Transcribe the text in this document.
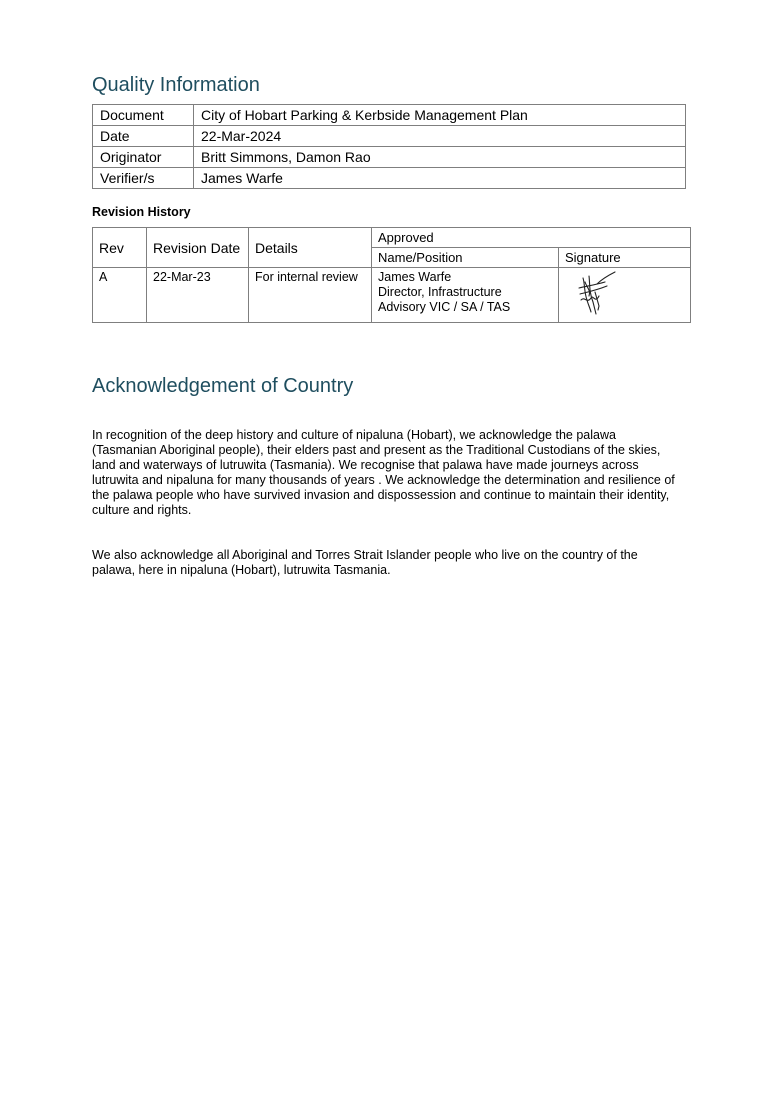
Quality Information
Document	City of Hobart Parking & Kerbside Management Plan
Date	22-Mar-2024
Originator	Britt Simmons, Damon Rao
Verifier/s	James Warfe
Revision History
Rev	Revision Date	Details	Approved	
			Name/Position	Signature
A	22-Mar-23	For internal review	James Warfe
Director, Infrastructure
Advisory VIC / SA / TAS	
Acknowledgement of Country

In recognition of the deep history and culture of nipaluna (Hobart), we acknowledge the palawa (Tasmanian Aboriginal people), their elders past and present as the Traditional Custodians of the skies, land and waterways of lutruwita (Tasmania). We recognise that palawa have made journeys across lutruwita and nipaluna for many thousands of years . We acknowledge the determination and resilience of the palawa people who have survived invasion and dispossession and continue to maintain their identity, culture and rights.

We also acknowledge all Aboriginal and Torres Strait Islander people who live on the country of the palawa, here in nipaluna (Hobart), lutruwita Tasmania.
